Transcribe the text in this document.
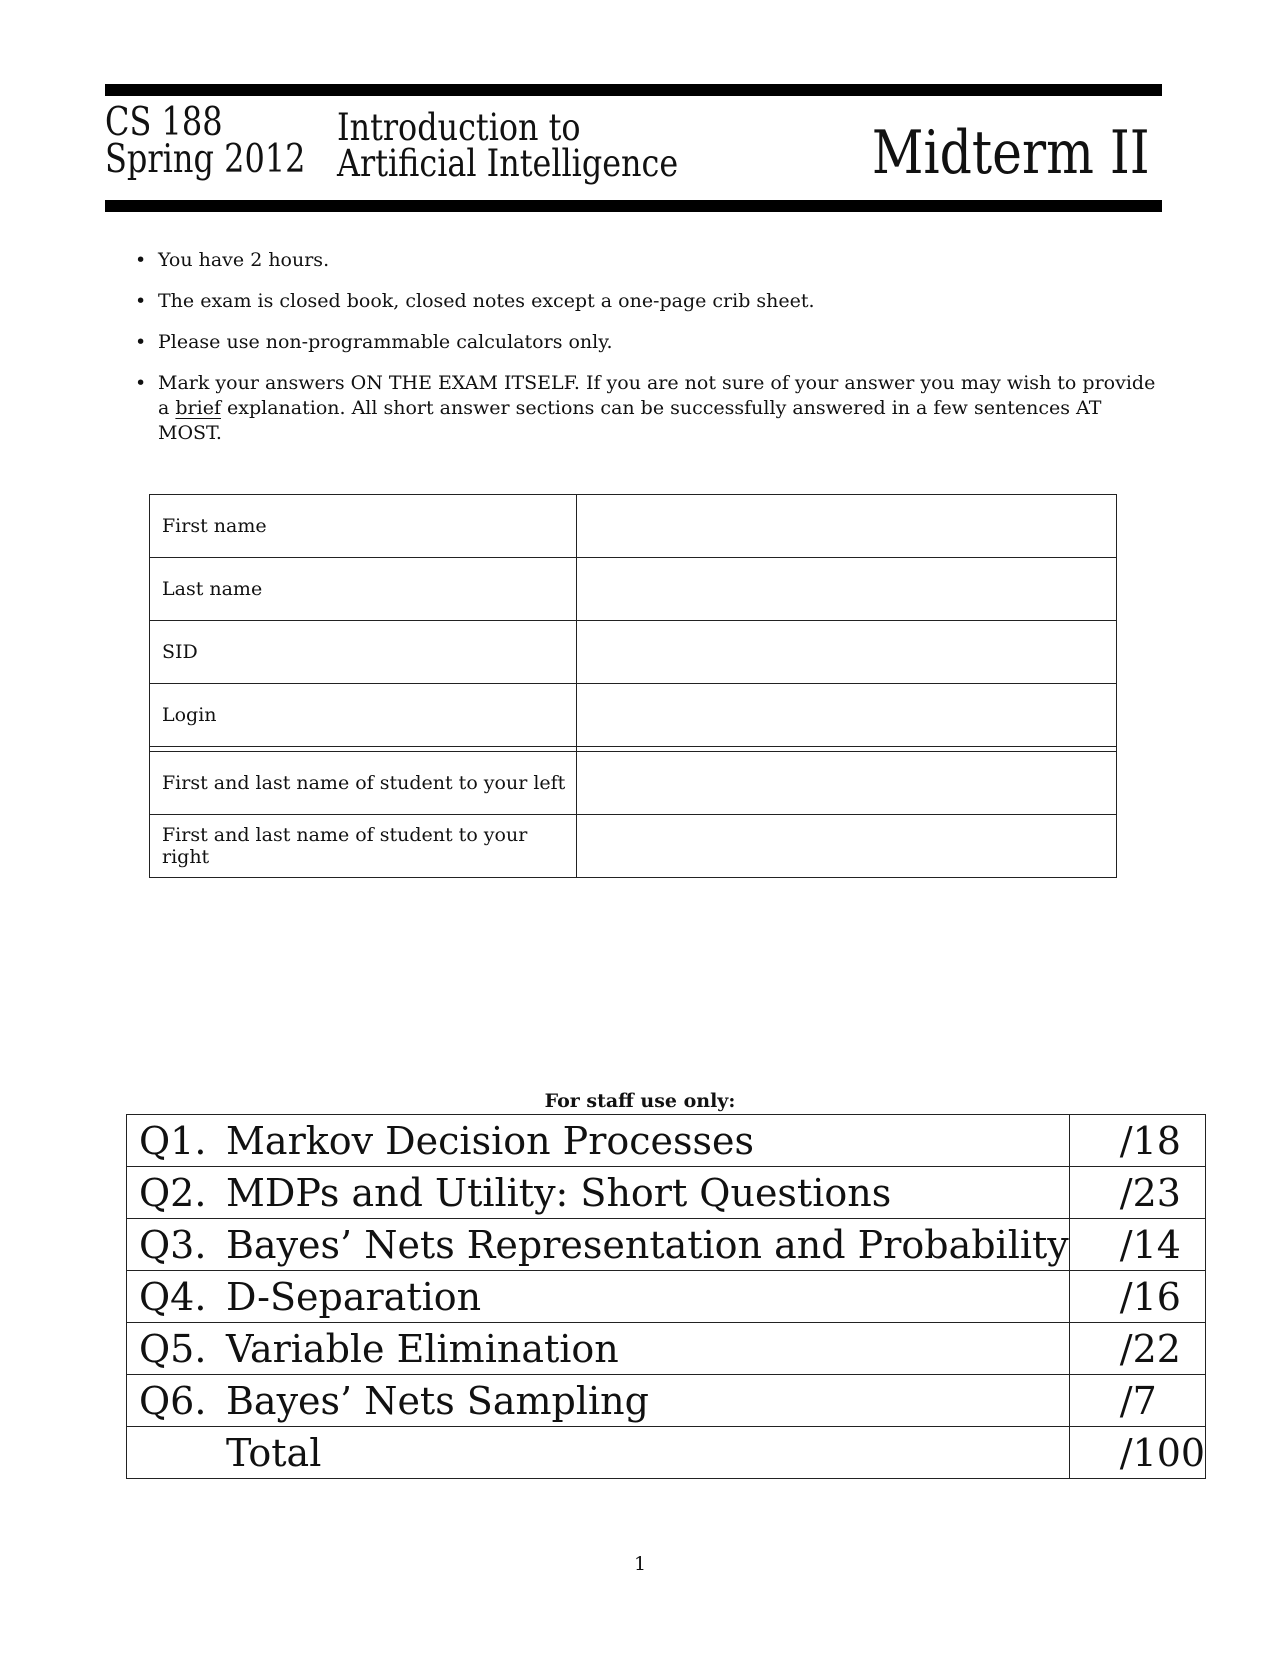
CS 188
Spring 2012
Introduction to
Artificial Intelligence	Midterm II
• You have 2 hours.
• The exam is closed book, closed notes except a one-page crib sheet.
• Please use non-programmable calculators only.
• Mark your answers ON THE EXAM ITSELF. If you are not sure of your answer you may wish to provide a brief explanation. All short answer sections can be successfully answered in a few sentences AT MOST.
First name	
Last name	
SID	
Login	

First and last name of student to your left	
First and last name of student to your right	
For staff use only:
Q1. Markov Decision Processes	/18
Q2. MDPs and Utility: Short Questions	/23
Q3. Bayes’ Nets Representation and Probability	/14
Q4. D-Separation	/16
Q5. Variable Elimination	/22
Q6. Bayes’ Nets Sampling	/7
Total	/100
1
